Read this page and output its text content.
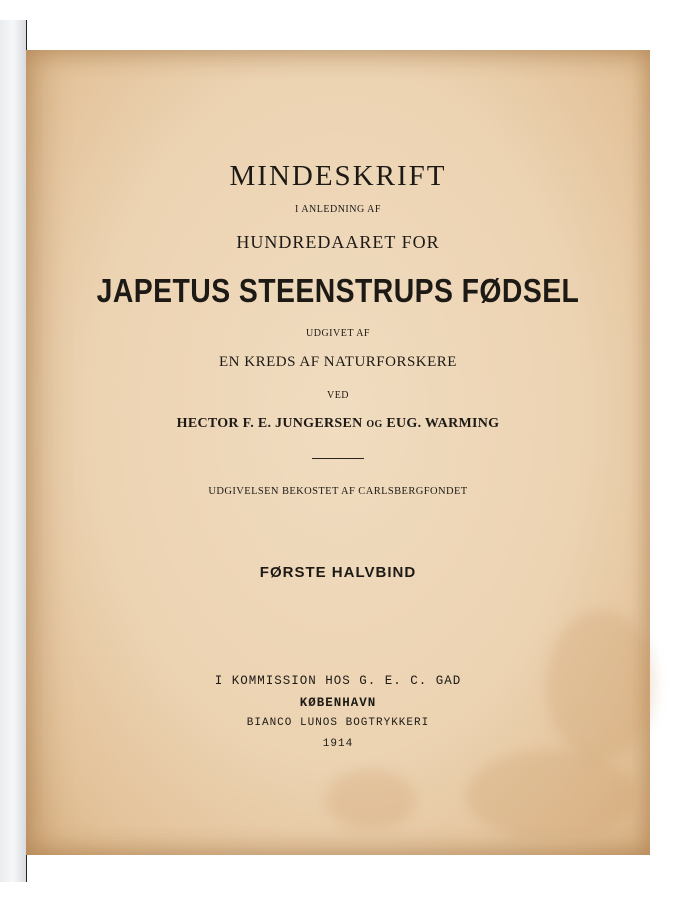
MINDESKRIFT
I ANLEDNING AF
HUNDREDAARET FOR
JAPETUS STEENSTRUPS FØDSEL
UDGIVET AF
EN KREDS AF NATURFORSKERE
VED
HECTOR F. E. JUNGERSEN OG EUG. WARMING
UDGIVELSEN BEKOSTET AF CARLSBERGFONDET
FØRSTE HALVBIND
I KOMMISSION HOS G. E. C. GAD
KØBENHAVN
BIANCO LUNOS BOGTRYKKERI
1914
